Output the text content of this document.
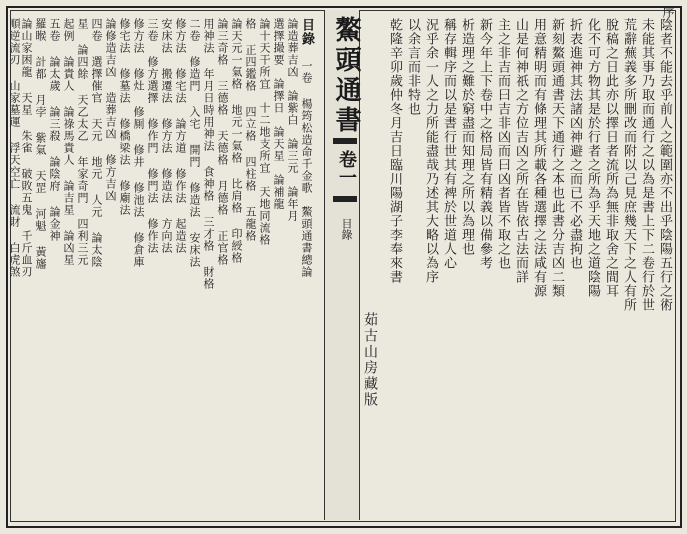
鰲頭通書
卷一
目錄
序
陰者不能去乎前人之範圍亦不出乎陰陽五行之術
未能其事乃取而通行之以為是書上下二卷行於世
荒辭蕪義多所刪改而附以己見庶幾天下之人有所
脫稿之日此亦以擇日者流所為無非取舍之間耳
化不可方物其是於行者之所為乎天地之道陰陽
折表進神其法諸凶神避之而已不必盡拘也
新刻鰲頭通書天下通行之本也此書分吉凶二類
用意精明而有條理其所載各種選擇之法咸有源
山是何神祇之方位吉凶之所在皆依古法而詳
主之非吉而曰吉非凶而曰凶者皆不取之也
新今年上下卷中之格局皆有精義以備參考
析造理之難於窮盡而知理之所以為理也
稱存輯序而以是書行世其有裨於世道人心
況乎余一人之力所能盡哉乃述其大略以為序
以余言而非特也
乾隆辛卯歲仲冬月吉日臨川陽湖子李奉來書
茹古山房藏版
目錄
一卷 楊筠松造命千金歌　鰲頭通書總論
論造葬吉凶　論紫白　論三元　論年月
選擇撮要　論擇日　論天星　論補龍
論十天干所宜　十二地支所宜　天地同流格
格 正四鑑格 四立格 四柱格 五龍格
論天元一氣格 地元一氣格 比肩格 印綬格
論三奇格 三德格 天德格 月德格 正官格
用神法 年月日時用神法 食神格 三才格 財格
二卷 修造門 入宅 開門 修造法 安床法
修方法 修宅法 論方道 修作法 起造法
安床法 搬遷法 修方法 修造法 方向法
三卷 修方選擇 修作門 修門法 修作法
修方法 修灶 修厠 修井 修池法 修倉庫
修宅法 修墓法 修橋梁法 修廟法
論修造吉凶 造葬吉凶 修方吉凶
四卷 選擇催官 天元 地元 人元 論太陰
星 論四餘 天乙太乙 年家奇門 四利三元
起例 論貴人 論祿馬貴人 論吉星 論凶星
五卷 論太歲 論三殺 論陰府 論金神
羅睺 計都 月孛 紫氣 天罡 河魁 黃旛
論山家困龍 天星 朱雀 破敗五鬼 千斤血刃
順逆流刃 山家墓運 浮天空亡 流財 白虎煞
